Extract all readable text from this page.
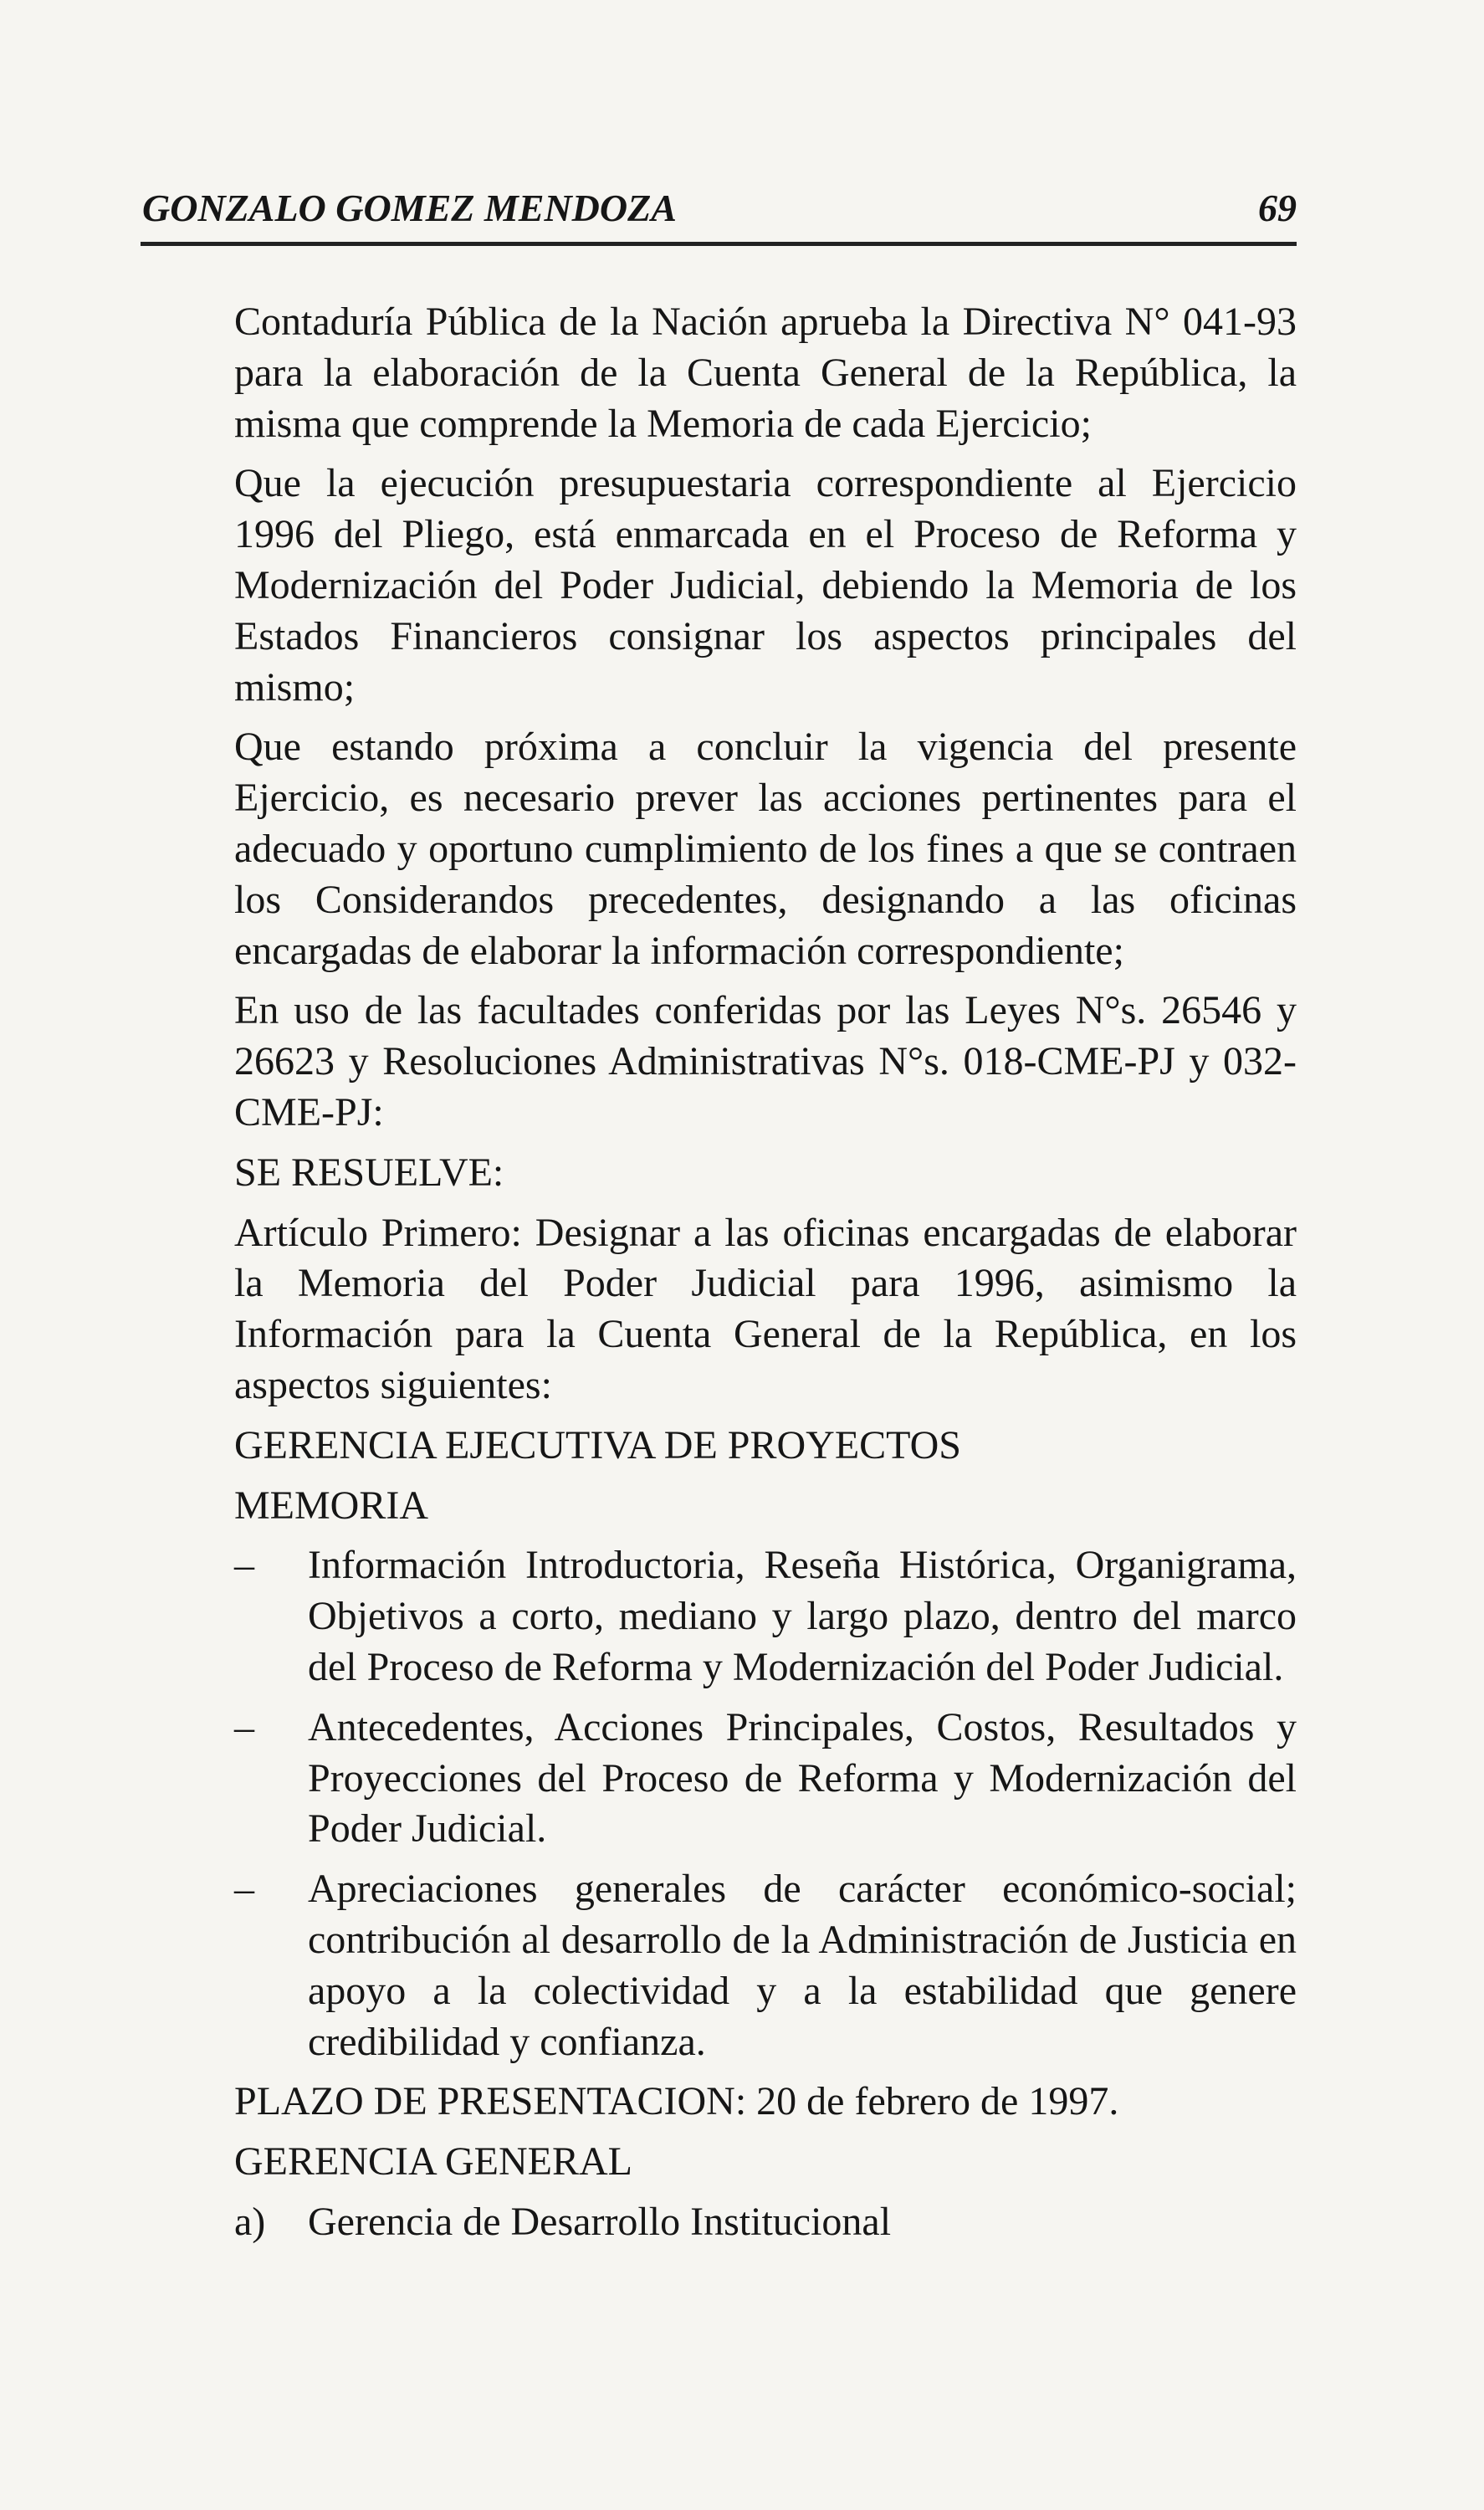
GONZALO GOMEZ MENDOZA	69

Contaduría Pública de la Nación aprueba la Directiva N° 041-93 para la elaboración de la Cuenta General de la República, la misma que comprende la Memoria de cada Ejercicio;

Que la ejecución presupuestaria correspondiente al Ejercicio 1996 del Pliego, está enmarcada en el Proceso de Reforma y Modernización del Poder Judicial, debiendo la Memoria de los Estados Financieros consignar los aspectos principales del mismo;

Que estando próxima a concluir la vigencia del presente Ejercicio, es necesario prever las acciones pertinentes para el adecuado y oportuno cumplimiento de los fines a que se contraen los Considerandos precedentes, designando a las oficinas encargadas de elaborar la información correspondiente;

En uso de las facultades conferidas por las Leyes N°s. 26546 y 26623 y Resoluciones Administrativas N°s. 018-CME-PJ y 032-CME-PJ:

SE RESUELVE:

Artículo Primero: Designar a las oficinas encargadas de elaborar la Memoria del Poder Judicial para 1996, asimismo la Información para la Cuenta General de la República, en los aspectos siguientes:

GERENCIA EJECUTIVA DE PROYECTOS

MEMORIA

– Información Introductoria, Reseña Histórica, Organigrama, Objetivos a corto, mediano y largo plazo, dentro del marco del Proceso de Reforma y Modernización del Poder Judicial.
– Antecedentes, Acciones Principales, Costos, Resultados y Proyecciones del Proceso de Reforma y Modernización del Poder Judicial.
– Apreciaciones generales de carácter económico-social; contribución al desarrollo de la Administración de Justicia en apoyo a la colectividad y a la estabilidad que genere credibilidad y confianza.

PLAZO DE PRESENTACION: 20 de febrero de 1997.

GERENCIA GENERAL

a) Gerencia de Desarrollo Institucional
